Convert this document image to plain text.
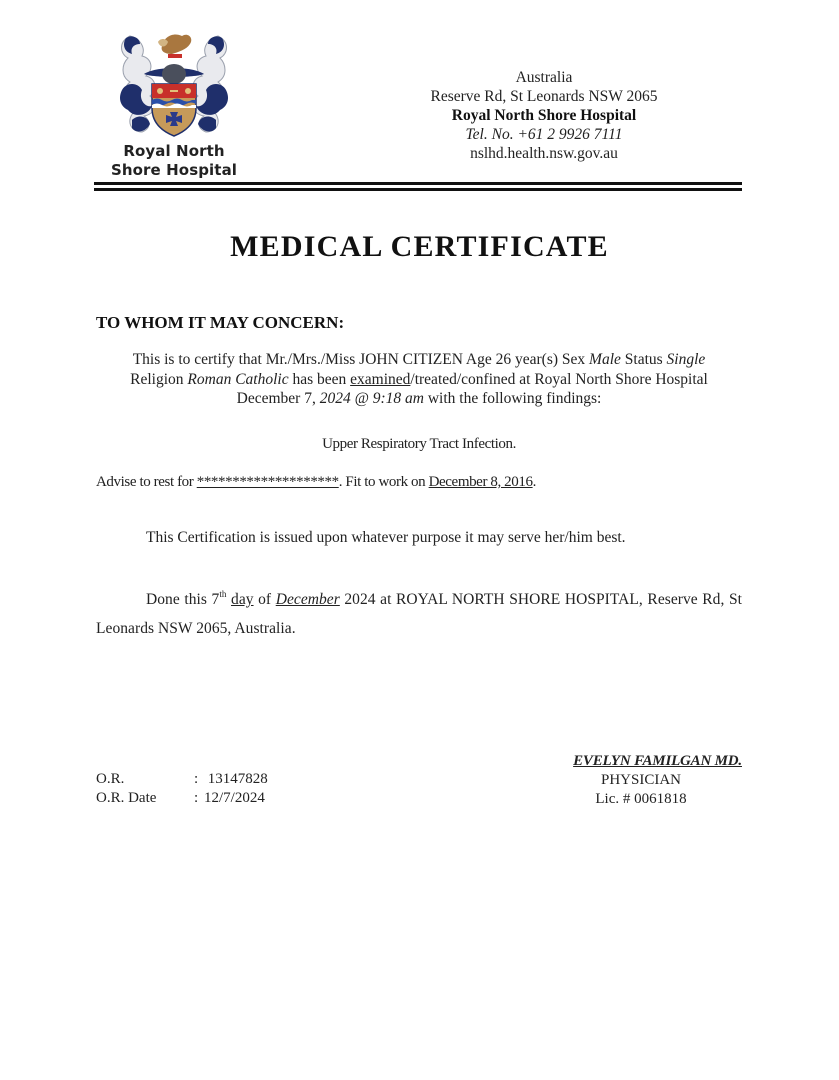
Royal North
Shore Hospital
Australia
Reserve Rd, St Leonards NSW 2065
Royal North Shore Hospital
Tel. No. +61 2 9926 7111
nslhd.health.nsw.gov.au
MEDICAL CERTIFICATE
TO WHOM IT MAY CONCERN:
This is to certify that Mr./Mrs./Miss JOHN CITIZEN Age 26 year(s) Sex Male Status Single
Religion Roman Catholic has been examined/treated/confined at Royal North Shore Hospital
December 7, 2024 @ 9:18 am with the following findings:
Upper Respiratory Tract Infection.
Advise to rest for ********************. Fit to work on December 8, 2016.
This Certification is issued upon whatever purpose it may serve her/him best.
Done this 7th day of December 2024 at ROYAL NORTH SHORE HOSPITAL, Reserve Rd, St Leonards NSW 2065, Australia.
O.R.	: 13147828
O.R. Date	: 12/7/2024
EVELYN FAMILGAN MD.
PHYSICIAN
Lic. # 0061818
